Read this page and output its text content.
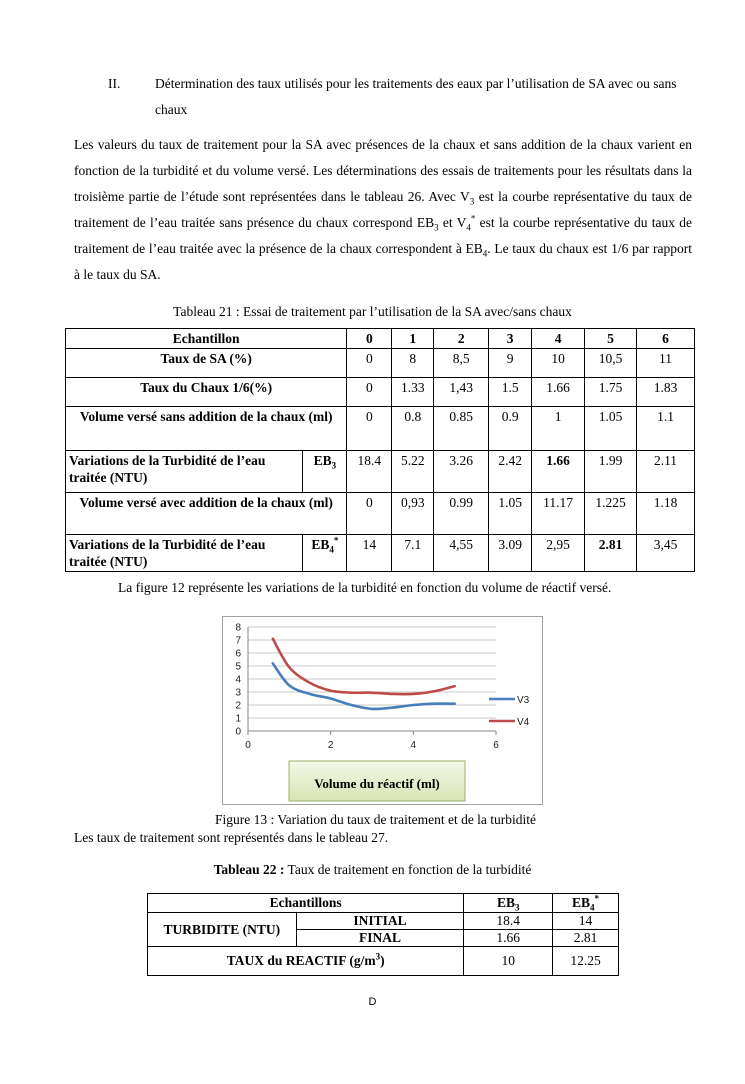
II.	Détermination des taux utilisés pour les traitements des eaux par l’utilisation de SA avec ou sans chaux
Les valeurs du taux de traitement pour la SA avec présences de la chaux et sans addition de la chaux varient en fonction de la turbidité et du volume versé. Les déterminations des essais de traitements pour les résultats dans la troisième partie de l’étude sont représentées dans le tableau 26. Avec $V_3$ est la courbe représentative du taux de traitement de l’eau traitée sans présence du chaux correspond $EB_3$ et $V_4^*$ est la courbe représentative du taux de traitement de l’eau traitée avec la présence de la chaux correspondent à $EB_4$. Le taux du chaux est 1/6 par rapport à le taux du SA.
Tableau 21 : Essai de traitement par l’utilisation de la SA avec/sans chaux
Echantillon		0	1	2	3	4	5	6
Taux de SA (%)		0	8	8,5	9	10	10,5	11
Taux du Chaux 1/6(%)		0	1.33	1,43	1.5	1.66	1.75	1.83
Volume versé sans addition de la chaux (ml)		0	0.8	0.85	0.9	1	1.05	1.1
Variations de la Turbidité de l’eau traitée (NTU)	$EB_3$	18.4	5.22	3.26	2.42	1.66	1.99	2.11
Volume versé avec addition de la chaux (ml)		0	0,93	0.99	1.05	11.17	1.225	1.18
Variations de la Turbidité de l’eau traitée (NTU)	$EB_4^*$	14	7.1	4,55	3.09	2,95	2.81	3,45
La figure 12 représente les variations de la turbidité en fonction du volume de réactif versé.
0
1
2
3
4
5
6
7
8
0	2	4	6
V3
V4
Volume du réactif (ml)
Figure 13 : Variation du taux de traitement et de la turbidité
Les taux de traitement sont représentés dans le tableau 27.
Tableau 22 : Taux de traitement en fonction de la turbidité
Echantillons		$EB_3$	$EB_4^*$
TURBIDITE (NTU)	INITIAL	18.4	14
	FINAL	1.66	2.81
TAUX du REACTIF $(g/m^3)$		10	12.25
D
